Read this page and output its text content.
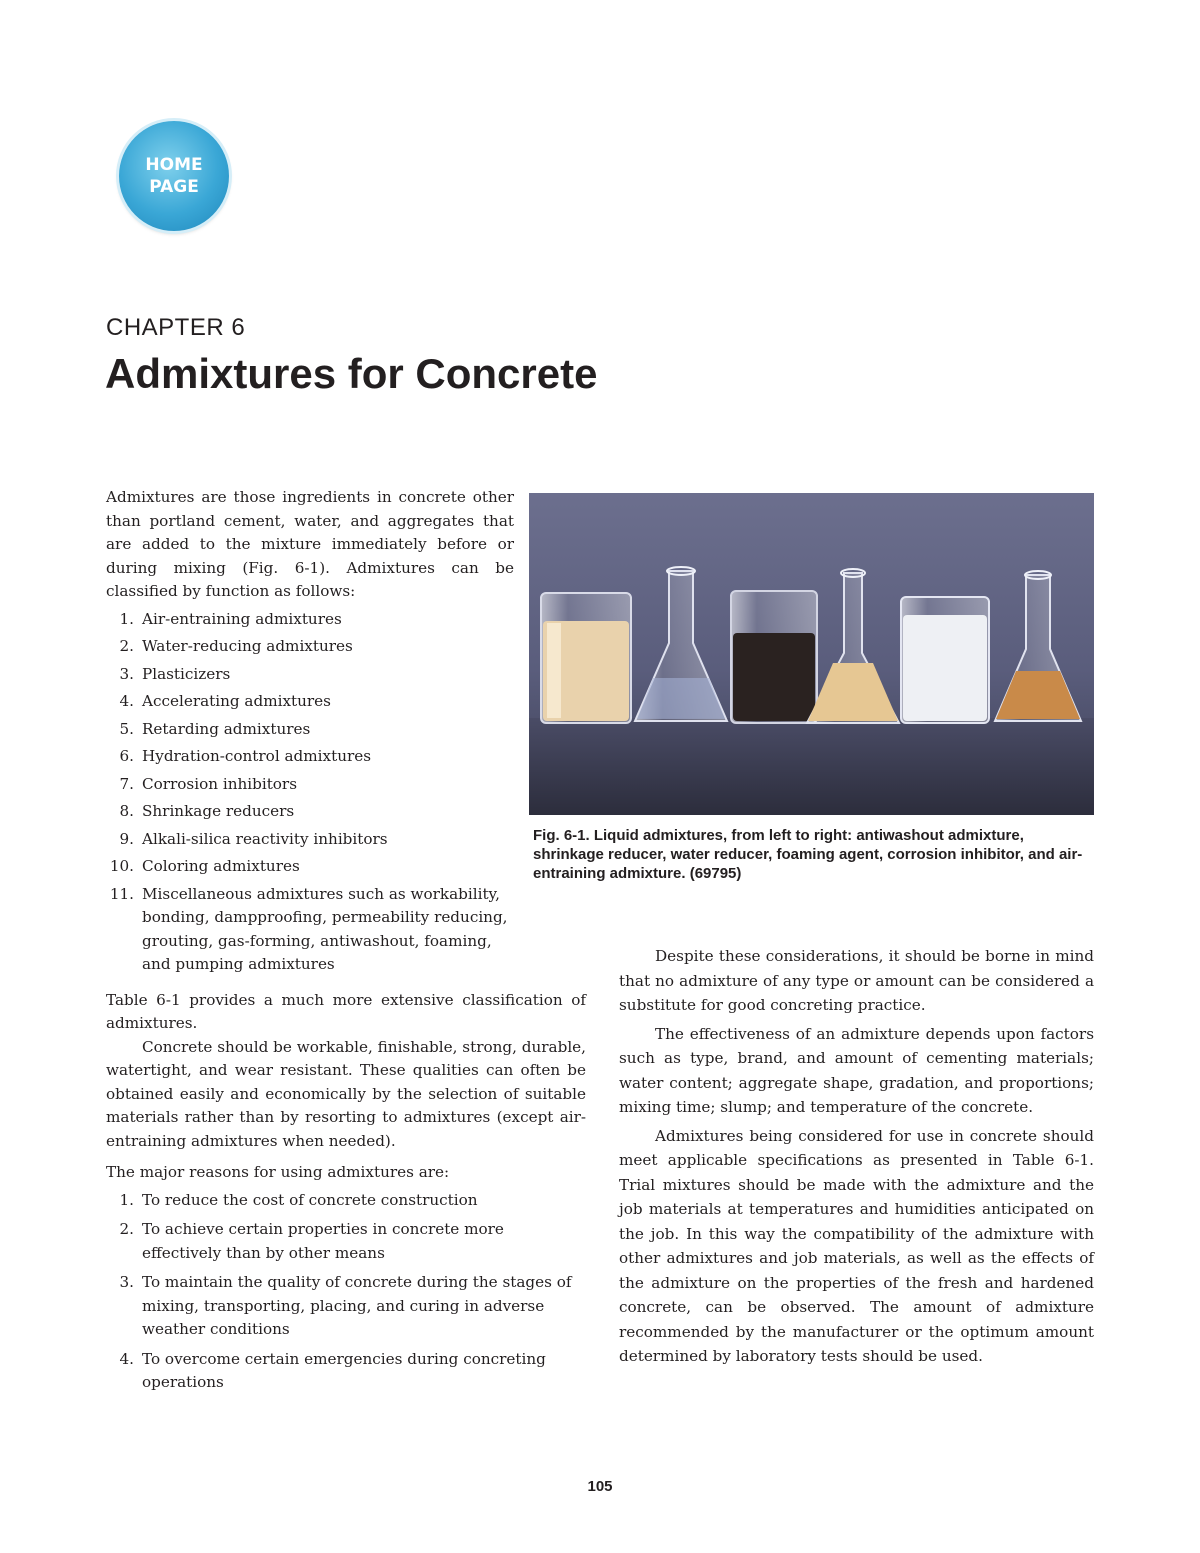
HOME
PAGE
CHAPTER 6
Admixtures for Concrete

Admixtures are those ingredients in concrete other than portland cement, water, and aggregates that are added to the mixture immediately before or during mixing (Fig. 6-1). Admixtures can be classified by function as follows:

1. Air-entraining admixtures
2. Water-reducing admixtures
3. Plasticizers
4. Accelerating admixtures
5. Retarding admixtures
6. Hydration-control admixtures
7. Corrosion inhibitors
8. Shrinkage reducers
9. Alkali-silica reactivity inhibitors
10. Coloring admixtures
11. Miscellaneous admixtures such as workability, bonding, dampproofing, permeability reducing, grouting, gas-forming, antiwashout, foaming, and pumping admixtures

Table 6-1 provides a much more extensive classification of admixtures.

Concrete should be workable, finishable, strong, durable, watertight, and wear resistant. These qualities can often be obtained easily and economically by the selection of suitable materials rather than by resorting to admixtures (except air-entraining admixtures when needed).

The major reasons for using admixtures are:

1. To reduce the cost of concrete construction
2. To achieve certain properties in concrete more effectively than by other means
3. To maintain the quality of concrete during the stages of mixing, transporting, placing, and curing in adverse weather conditions
4. To overcome certain emergencies during concreting operations
Fig. 6-1. Liquid admixtures, from left to right: antiwashout admixture, shrinkage reducer, water reducer, foaming agent, corrosion inhibitor, and air-entraining admixture. (69795)

Despite these considerations, it should be borne in mind that no admixture of any type or amount can be considered a substitute for good concreting practice.

The effectiveness of an admixture depends upon factors such as type, brand, and amount of cementing materials; water content; aggregate shape, gradation, and proportions; mixing time; slump; and temperature of the concrete.

Admixtures being considered for use in concrete should meet applicable specifications as presented in Table 6-1. Trial mixtures should be made with the admixture and the job materials at temperatures and humidities anticipated on the job. In this way the compatibility of the admixture with other admixtures and job materials, as well as the effects of the admixture on the properties of the fresh and hardened concrete, can be observed. The amount of admixture recommended by the manufacturer or the optimum amount determined by laboratory tests should be used.

105
